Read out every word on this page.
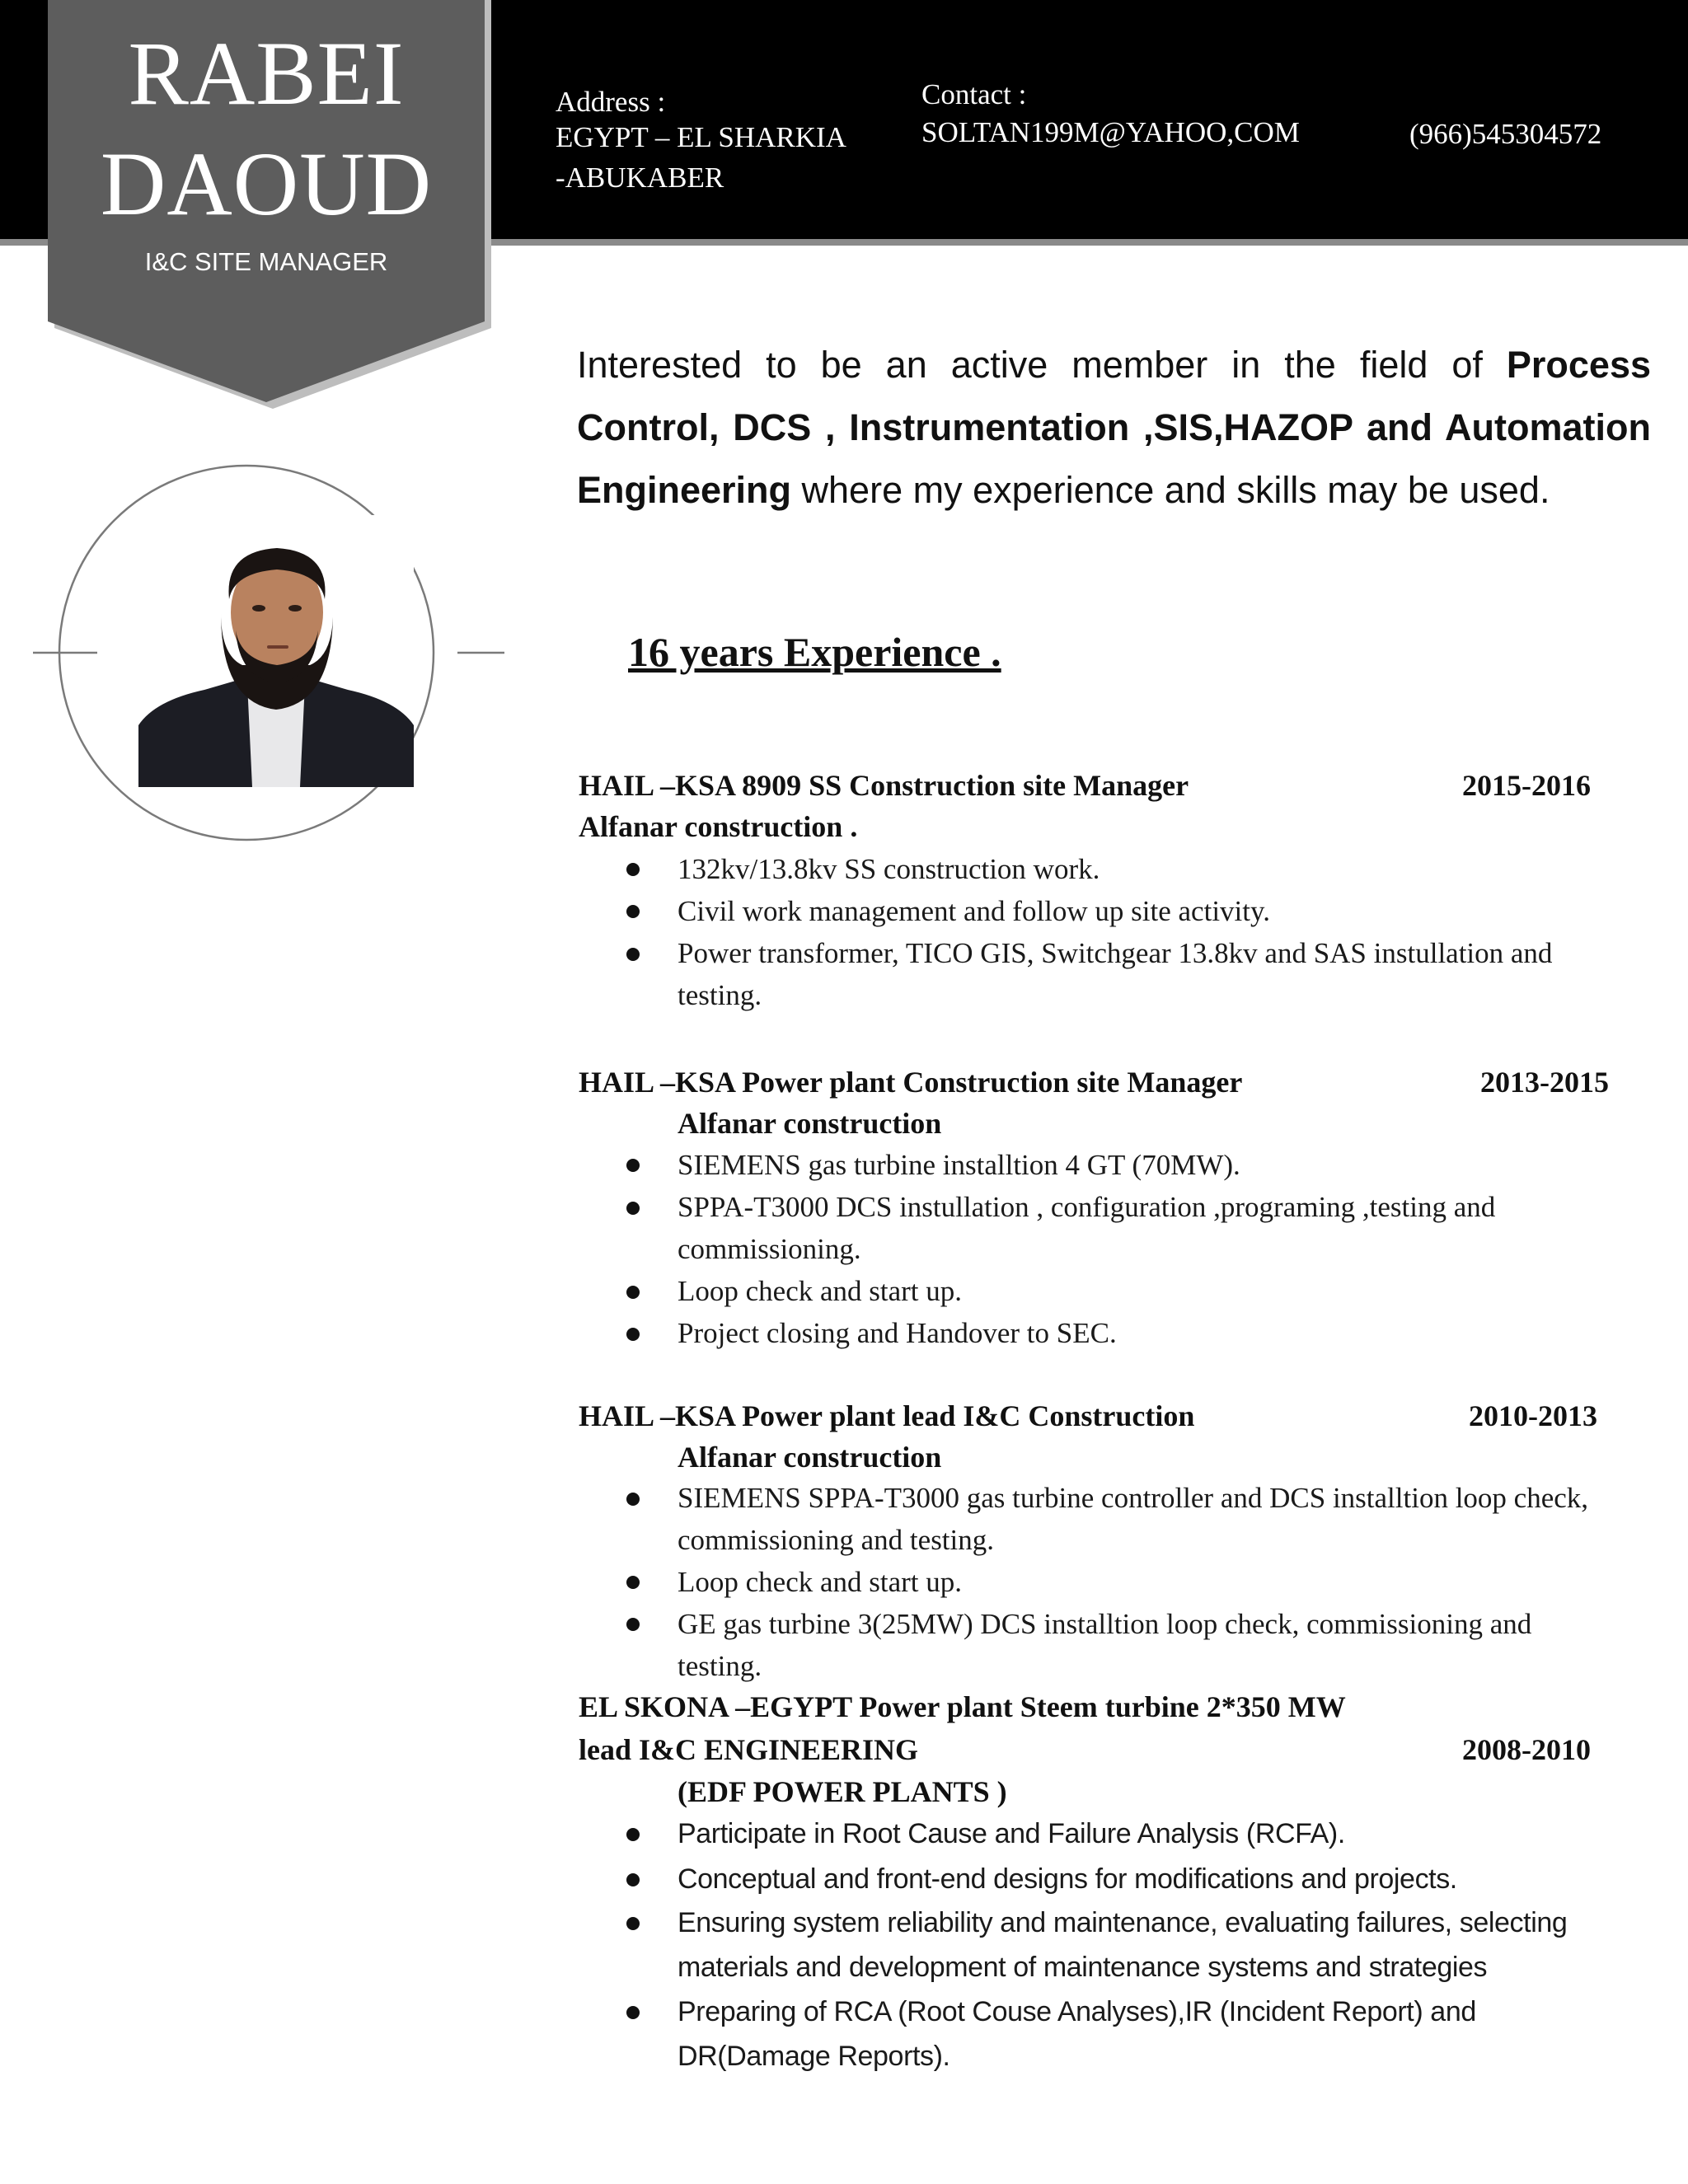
RABEI
DAOUD
I&C SITE MANAGER
Address :
EGYPT – EL SHARKIA
-ABUKABER
Contact :
SOLTAN199M@YAHOO,COM	(966)545304572
Interested to be an active member in the field of Process Control, DCS , Instrumentation ,SIS,HAZOP and Automation Engineering where my experience and skills may be used.
16 years Experience .
HAIL –KSA 8909 SS Construction site Manager	2015-2016
Alfanar construction .
132kv/13.8kv SS construction work.
Civil work management and follow up site activity.
Power transformer, TICO GIS, Switchgear 13.8kv and SAS instullation and testing.
HAIL –KSA Power plant Construction site Manager	2013-2015
Alfanar construction
SIEMENS gas turbine installtion 4 GT (70MW).
SPPA-T3000 DCS instullation , configuration ,programing ,testing and commissioning.
Loop check and start up.
Project closing and Handover to SEC.
HAIL –KSA Power plant lead I&C Construction	2010-2013
Alfanar construction
SIEMENS SPPA-T3000 gas turbine controller and DCS installtion loop check, commissioning and testing.
Loop check and start up.
GE gas turbine 3(25MW) DCS installtion loop check, commissioning and testing.
EL SKONA –EGYPT Power plant Steem turbine 2*350 MW
lead I&C ENGINEERING	2008-2010
(EDF POWER PLANTS )
Participate in Root Cause and Failure Analysis (RCFA).
Conceptual and front-end designs for modifications and projects.
Ensuring system reliability and maintenance, evaluating failures, selecting materials and development of maintenance systems and strategies
Preparing of RCA (Root Couse Analyses),IR (Incident Report) and DR(Damage Reports).
